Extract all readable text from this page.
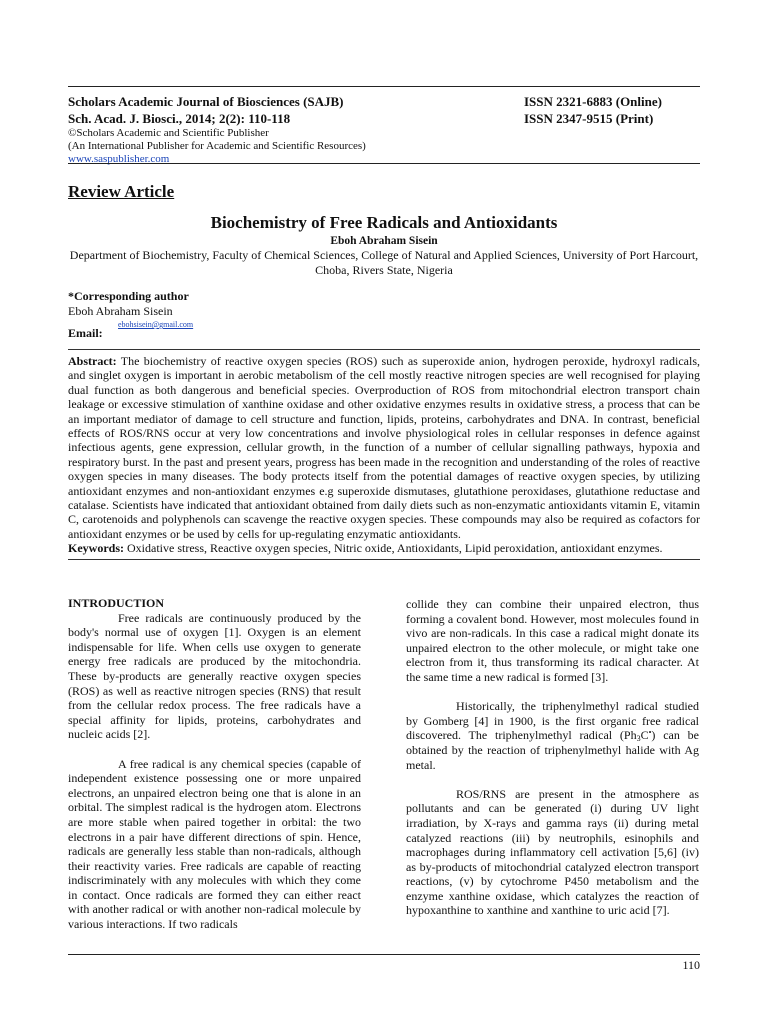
Scholars Academic Journal of Biosciences (SAJB)	ISSN 2321-6883 (Online)
Sch. Acad. J. Biosci., 2014; 2(2): 110-118	ISSN 2347-9515 (Print)
©Scholars Academic and Scientific Publisher
(An International Publisher for Academic and Scientific Resources)
www.saspublisher.com
Review Article
Biochemistry of Free Radicals and Antioxidants
Eboh Abraham Sisein
Department of Biochemistry, Faculty of Chemical Sciences, College of Natural and Applied Sciences, University of Port Harcourt, Choba, Rivers State, Nigeria
*Corresponding author
Eboh Abraham Sisein
ebohsisein@gmail.com
Email:
Abstract: The biochemistry of reactive oxygen species (ROS) such as superoxide anion, hydrogen peroxide, hydroxyl radicals, and singlet oxygen is important in aerobic metabolism of the cell mostly reactive nitrogen species are well recognised for playing dual function as both dangerous and beneficial species. Overproduction of ROS from mitochondrial electron transport chain leakage or excessive stimulation of xanthine oxidase and other oxidative enzymes results in oxidative stress, a process that can be an important mediator of damage to cell structure and function, lipids, proteins, carbohydrates and DNA. In contrast, beneficial effects of ROS/RNS occur at very low concentrations and involve physiological roles in cellular responses in defence against infectious agents, gene expression, cellular growth, in the function of a number of cellular signalling pathways, hypoxia and respiratory burst. In the past and present years, progress has been made in the recognition and understanding of the roles of reactive oxygen species in many diseases. The body protects itself from the potential damages of reactive oxygen species, by utilizing antioxidant enzymes and non-antioxidant enzymes e.g superoxide dismutases, glutathione peroxidases, glutathione reductase and catalase. Scientists have indicated that antioxidant obtained from daily diets such as non-enzymatic antioxidants vitamin E, vitamin C, carotenoids and polyphenols can scavenge the reactive oxygen species. These compounds may also be required as cofactors for antioxidant enzymes or be used by cells for up-regulating enzymatic antioxidants.
Keywords: Oxidative stress, Reactive oxygen species, Nitric oxide, Antioxidants, Lipid peroxidation, antioxidant enzymes.

INTRODUCTION

Free radicals are continuously produced by the body's normal use of oxygen [1]. Oxygen is an element indispensable for life. When cells use oxygen to generate energy free radicals are produced by the mitochondria. These by-products are generally reactive oxygen species (ROS) as well as reactive nitrogen species (RNS) that result from the cellular redox process. The free radicals have a special affinity for lipids, proteins, carbohydrates and nucleic acids [2].

A free radical is any chemical species (capable of independent existence possessing one or more unpaired electrons, an unpaired electron being one that is alone in an orbital. The simplest radical is the hydrogen atom. Electrons are more stable when paired together in orbital: the two electrons in a pair have different directions of spin. Hence, radicals are generally less stable than non-radicals, although their reactivity varies. Free radicals are capable of reacting indiscriminately with any molecules with which they come in contact. Once radicals are formed they can either react with another radical or with another non-radical molecule by various interactions. If two radicals

collide they can combine their unpaired electron, thus forming a covalent bond. However, most molecules found in vivo are non-radicals. In this case a radical might donate its unpaired electron to the other molecule, or might take one electron from it, thus transforming its radical character. At the same time a new radical is formed [3].

Historically, the triphenylmethyl radical studied by Gomberg [4] in 1900, is the first organic free radical discovered. The triphenylmethyl radical $(Ph_3C^•)$ can be obtained by the reaction of triphenylmethyl halide with Ag metal.

ROS/RNS are present in the atmosphere as pollutants and can be generated (i) during UV light irradiation, by X-rays and gamma rays (ii) during metal catalyzed reactions (iii) by neutrophils, esinophils and macrophages during inflammatory cell activation [5,6] (iv) as by-products of mitochondrial catalyzed electron transport reactions, (v) by cytochrome P450 metabolism and the enzyme xanthine oxidase, which catalyzes the reaction of hypoxanthine to xanthine and xanthine to uric acid [7].

110
